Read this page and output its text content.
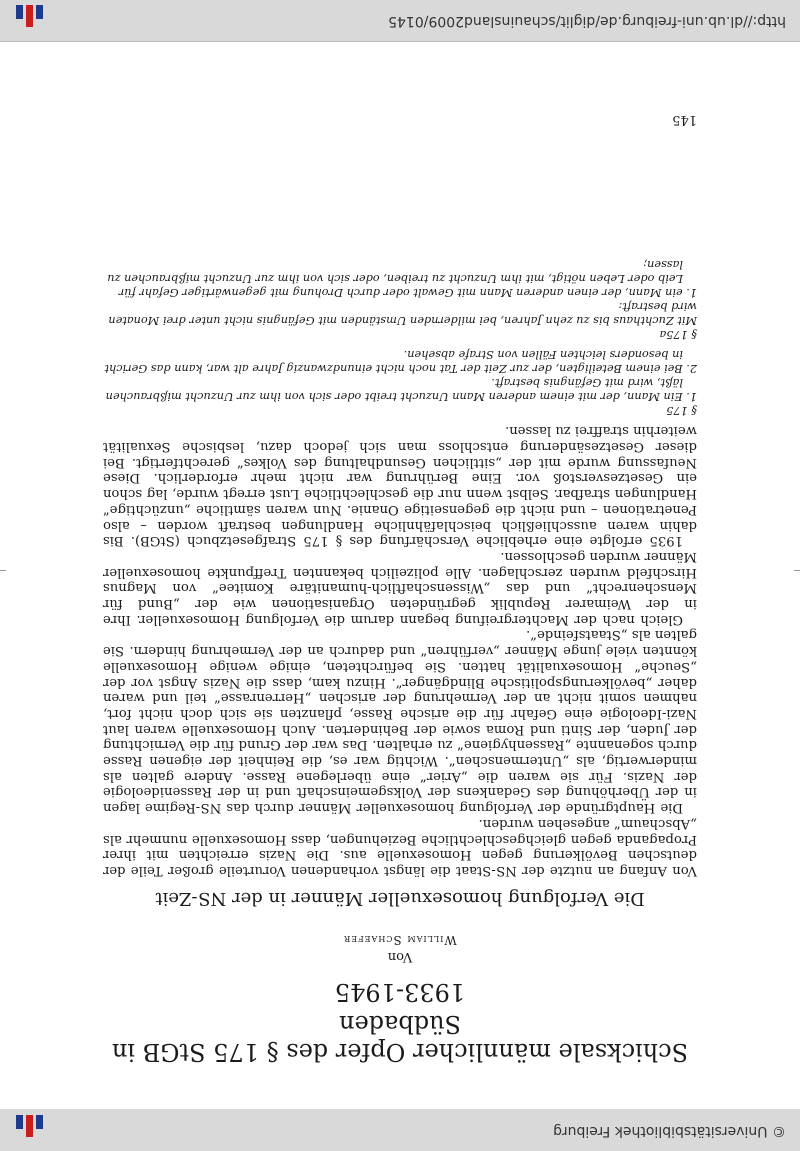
© Universitätsbibliothek Freiburg
Schicksale männlicher Opfer des § 175 StGB in Südbaden
1933-1945
Von
William Schaefer
Die Verfolgung homosexueller Männer in der NS-Zeit

Von Anfang an nutzte der NS-Staat die längst vorhandenen Vorurteile großer Teile der deutschen Bevölkerung gegen Homosexuelle aus. Die Nazis erreichten mit ihrer Propaganda gegen gleichgeschlechtliche Beziehungen, dass Homosexuelle nunmehr als „Abschaum“ angesehen wurden.

Die Hauptgründe der Verfolgung homosexueller Männer durch das NS-Regime lagen in der Überhöhung des Gedankens der Volksgemeinschaft und in der Rassenideologie der Nazis. Für sie waren die „Arier“ eine überlegene Rasse. Andere galten als minderwertig, als „Untermenschen“. Wichtig war es, die Reinheit der eigenen Rasse durch sogenannte „Rassenhygiene“ zu erhalten. Das war der Grund für die Vernichtung der Juden, der Sinti und Roma sowie der Behinderten. Auch Homosexuelle waren laut Nazi-Ideologie eine Gefahr für die arische Rasse, pflanzten sie sich doch nicht fort, nahmen somit nicht an der Vermehrung der arischen „Herrenrasse“ teil und waren daher „bevölkerungspolitische Blindgänger“. Hinzu kam, dass die Nazis Angst vor der „Seuche“ Homosexualität hatten. Sie befürchteten, einige wenige Homosexuelle könnten viele junge Männer „verführen“ und dadurch an der Vermehrung hindern. Sie galten als „Staatsfeinde“.

Gleich nach der Machtergreifung begann darum die Verfolgung Homosexueller. Ihre in der Weimarer Republik gegründeten Organisationen wie der „Bund für Menschenrecht“ und das „Wissenschaftlich-humanitäre Komitee“ von Magnus Hirschfeld wurden zerschlagen. Alle polizeilich bekannten Treffpunkte homosexueller Männer wurden geschlossen.

1935 erfolgte eine erhebliche Verschärfung des § 175 Strafgesetzbuch (StGB). Bis dahin waren ausschließlich beischlafähnliche Handlungen bestraft worden – also Penetrationen – und nicht die gegenseitige Onanie. Nun waren sämtliche „unzüchtige“ Handlungen strafbar. Selbst wenn nur die geschlechtliche Lust erregt wurde, lag schon ein Gesetzesverstoß vor. Eine Berührung war nicht mehr erforderlich. Diese Neufassung wurde mit der „sittlichen Gesundhaltung des Volkes“ gerechtfertigt. Bei dieser Gesetzesänderung entschloss man sich jedoch dazu, lesbische Sexualität weiterhin straffrei zu lassen.

§ 175
1. Ein Mann, der mit einem anderen Mann Unzucht treibt oder sich von ihm zur Unzucht mißbrauchen läßt, wird mit Gefängnis bestraft.
2. Bei einem Beteiligten, der zur Zeit der Tat noch nicht einundzwanzig Jahre alt war, kann das Gericht in besonders leichten Fällen von Strafe absehen.
§ 175a
Mit Zuchthaus bis zu zehn Jahren, bei mildernden Umständen mit Gefängnis nicht unter drei Monaten wird bestraft:
1. ein Mann, der einen anderen Mann mit Gewalt oder durch Drohung mit gegenwärtiger Gefahr für Leib oder Leben nötigt, mit ihm Unzucht zu treiben, oder sich von ihm zur Unzucht mißbrauchen zu lassen;
145
http://dl.ub.uni-freiburg.de/diglit/schauinsland2009/0145
